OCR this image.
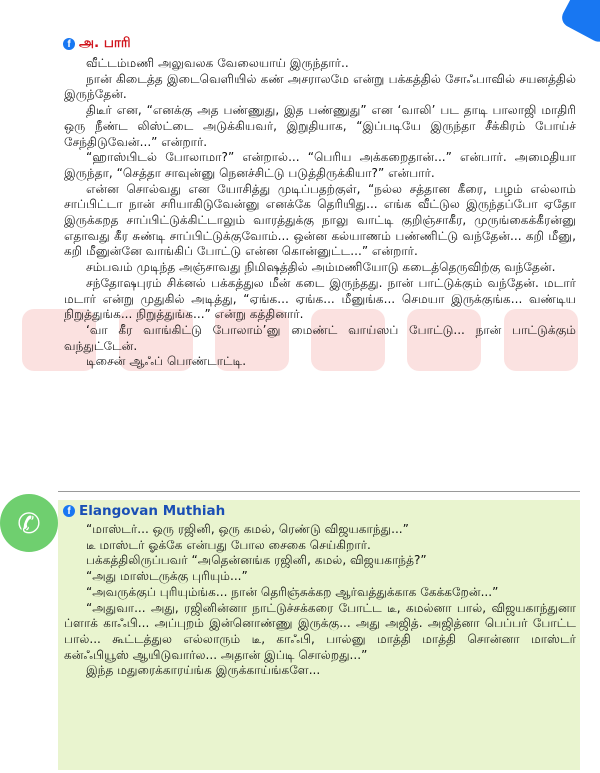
✆
f அ. பாரி

வீட்டம்மணி அலுவலக வேலையாய் இருந்தார்..

நான் கிடைத்த இடைவெளியில் கண் அசராலமே என்று பக்கத்தில் சோஃபாவில் சயனத்தில் இருந்தேன்.

திடீர் என, “எனக்கு அத பண்ணுது, இத பண்ணுது” என ‘வாலி’ பட தாடி பாலாஜி மாதிரி ஒரு நீண்ட லிஸ்ட்டை அடுக்கியவர், இறுதியாக, “இப்படியே இருந்தா சீக்கிரம் போய்ச் சேந்திடுவேன்...” என்றார்.

“ஹாஸ்பிடல் போலாமா?” என்றால்... “பெரிய அக்கறைதான்...” என்பார். அமைதியா இருந்தா, “செத்தா சாவுன்னு நெனச்சிட்டு படுத்திருக்கியா?” என்பார்.

என்ன சொல்வது என யோசித்து முடிப்பதற்குள், “நல்ல சத்தான கீரை, பழம் எல்லாம் சாப்பிட்டா நான் சரியாகிடுவேன்னு எனக்கே தெரியிது... எங்க வீட்டுல இருந்தப்போ ஏதோ இருக்கறத சாப்பிட்டுக்கிட்டாலும் வாரத்துக்கு நாலு வாட்டி குறிஞ்சாகீர, முருங்கைக்கீரன்னு எதாவது கீர சுண்டி சாப்பிட்டுக்குவோம்... ஒன்ன கல்யாணம் பண்ணிட்டு வந்தேன்... கறி மீனு, கறி மீனுன்னே வாங்கிப் போட்டு என்ன கொன்னுட்ட...” என்றார்.

சம்பவம் முடிந்த அஞ்சாவது நிமிஷத்தில் அம்மணியோடு கடைத்தெருவிற்கு வந்தேன்.

சந்தோஷபுரம் சிக்னல் பக்கத்துல மீன் கடை இருந்தது. நான் பாட்டுக்கும் வந்தேன். மடார் மடார் என்று முதுகில் அடித்து, “ஏங்க... ஏங்க... மீனுங்க... செமயா இருக்குங்க... வண்டிய நிறுத்துங்க... நிறுத்துங்க...” என்று கத்தினார்.

‘வா கீர வாங்கிட்டு போலாம்’னு மைண்ட் வாய்ஸப் போட்டு... நான் பாட்டுக்கும் வந்துட்டேன்.

டிசைன் ஆஃப் பொண்டாட்டி.

f Elangovan Muthiah

“மாஸ்டர்... ஒரு ரஜினி, ஒரு கமல், ரெண்டு விஜயகாந்து...”

டீ மாஸ்டர் ஓக்கே என்பது போல சைகை செய்கிறார்.

பக்கத்திலிருப்பவர் “அதென்னங்க ரஜினி, கமல், விஜயகாந்த்?”

“அது மாஸ்டருக்கு புரியும்...”

“அவருக்குப் புரியும்ங்க... நான் தெரிஞ்சுக்கற ஆர்வத்துக்காக கேக்கறேன்...”

“அதுவா... அது, ரஜினின்னா நாட்டுச்சக்கரை போட்ட டீ, கமல்னா பால், விஜயகாந்துனா ப்ளாக் காஃபி... அப்புறம் இன்னொண்ணு இருக்கு... அது அஜித். அஜித்னா பெப்பர் போட்ட பால்... கூட்டத்துல எல்லாரும் டீ, காஃபி, பால்னு மாத்தி மாத்தி சொன்னா மாஸ்டர் கன்ஃபியூஸ் ஆயிடுவார்ல... அதான் இப்டி சொல்றது...”

இந்த மதுரைக்காரய்ங்க இருக்காய்ங்களே...
